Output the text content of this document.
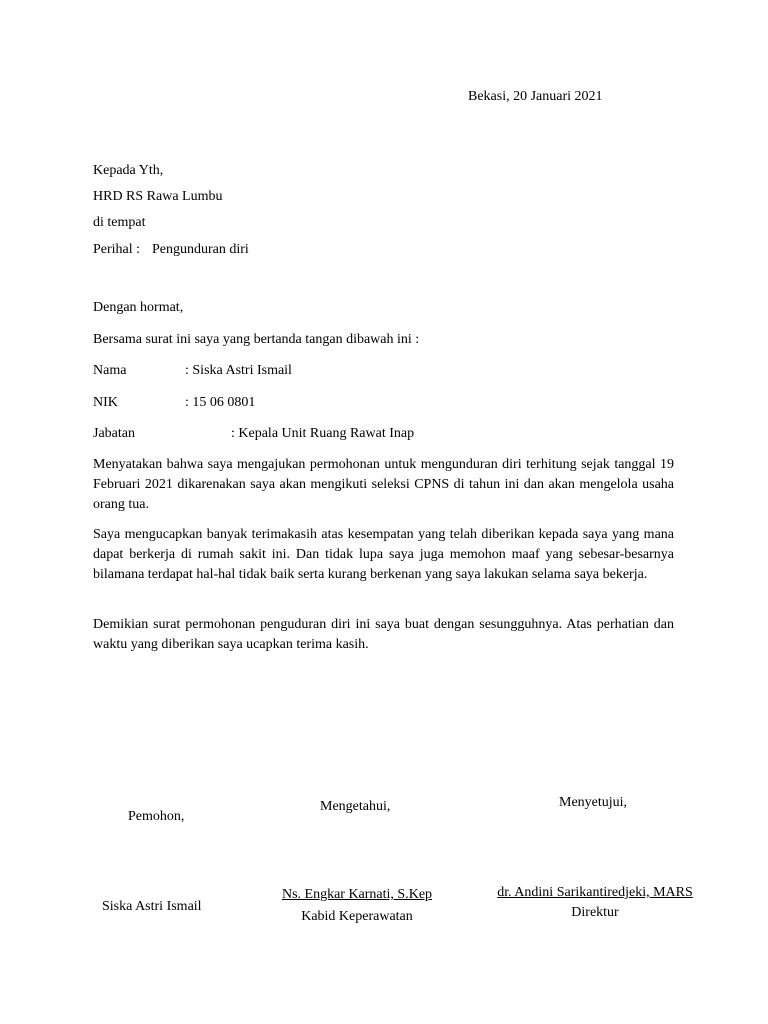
Bekasi, 20 Januari 2021
Kepada Yth,
HRD RS Rawa Lumbu
di tempat
Perihal : Pengunduran diri
Dengan hormat,
Bersama surat ini saya yang bertanda tangan dibawah ini :
Nama	: Siska Astri Ismail
NIK	: 15 06 0801
Jabatan	: Kepala Unit Ruang Rawat Inap

Menyatakan bahwa saya mengajukan permohonan untuk mengunduran diri terhitung sejak tanggal 19 Februari 2021 dikarenakan saya akan mengikuti seleksi CPNS di tahun ini dan akan mengelola usaha orang tua.

Saya mengucapkan banyak terimakasih atas kesempatan yang telah diberikan kepada saya yang mana dapat berkerja di rumah sakit ini. Dan tidak lupa saya juga memohon maaf yang sebesar-besarnya bilamana terdapat hal-hal tidak baik serta kurang berkenan yang saya lakukan selama saya bekerja.

Demikian surat permohonan penguduran diri ini saya buat dengan sesungguhnya. Atas perhatian dan waktu yang diberikan saya ucapkan terima kasih.

Pemohon,
Siska Astri Ismail
Mengetahui,
Ns. Engkar Karnati, S.Kep
Kabid Keperawatan
Menyetujui,
dr. Andini Sarikantiredjeki, MARS
Direktur
